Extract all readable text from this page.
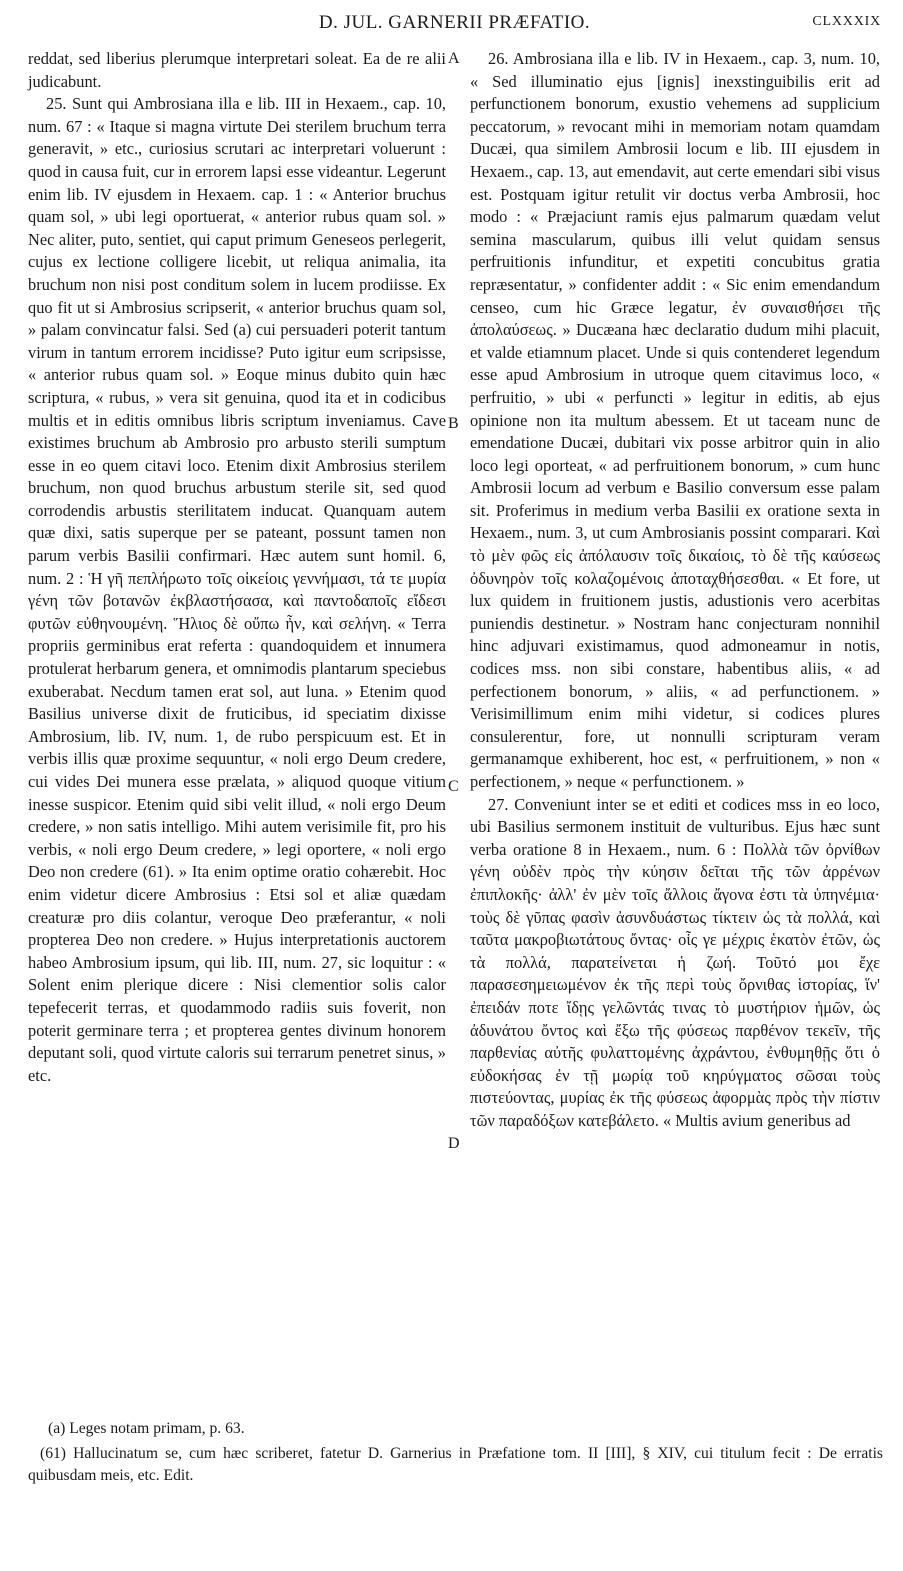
D. JUL. GARNERII PRÆFATIO.	CLXXXIX

reddat, sed liberius plerumque interpretari soleat. Ea de re alii judicabunt.

25. Sunt qui Ambrosiana illa e lib. III in Hexaem., cap. 10, num. 67 : « Itaque si magna virtute Dei sterilem bruchum terra generavit, » etc., curiosius scrutari ac interpretari voluerunt : quod in causa fuit, cur in errorem lapsi esse videantur. Legerunt enim lib. IV ejusdem in Hexaem. cap. 1 : « Anterior bruchus quam sol, » ubi legi oportuerat, « anterior rubus quam sol. » Nec aliter, puto, sentiet, qui caput primum Geneseos perlegerit, cujus ex lectione colligere licebit, ut reliqua animalia, ita bruchum non nisi post conditum solem in lucem prodiisse. Ex quo fit ut si Ambrosius scripserit, « anterior bruchus quam sol, » palam convincatur falsi. Sed (a) cui persuaderi poterit tantum virum in tantum errorem incidisse? Puto igitur eum scripsisse, « anterior rubus quam sol. » Eoque minus dubito quin hæc scriptura, « rubus, » vera sit genuina, quod ita et in codicibus multis et in editis omnibus libris scriptum inveniamus. Cave existimes bruchum ab Ambrosio pro arbusto sterili sumptum esse in eo quem citavi loco. Etenim dixit Ambrosius sterilem bruchum, non quod bruchus arbustum sterile sit, sed quod corrodendis arbustis sterilitatem inducat. Quanquam autem quæ dixi, satis superque per se pateant, possunt tamen non parum verbis Basilii confirmari. Hæc autem sunt homil. 6, num. 2 : Ἡ γῆ πεπλήρωτο τοῖς οἰκείοις γεννήμασι, τά τε μυρία γένη τῶν βοτανῶν ἐκβλαστήσασα, καὶ παντοδαποῖς εἴδεσι φυτῶν εὐθηνουμένη. Ἥλιος δὲ οὔπω ἦν, καὶ σελήνη. « Terra propriis germinibus erat referta : quandoquidem et innumera protulerat herbarum genera, et omnimodis plantarum speciebus exuberabat. Necdum tamen erat sol, aut luna. » Etenim quod Basilius universe dixit de fruticibus, id speciatim dixisse Ambrosium, lib. IV, num. 1, de rubo perspicuum est. Et in verbis illis quæ proxime sequuntur, « noli ergo Deum credere, cui vides Dei munera esse prælata, » aliquod quoque vitium inesse suspicor. Etenim quid sibi velit illud, « noli ergo Deum credere, » non satis intelligo. Mihi autem verisimile fit, pro his verbis, « noli ergo Deum credere, » legi oportere, « noli ergo Deo non credere (61). » Ita enim optime oratio cohærebit. Hoc enim videtur dicere Ambrosius : Etsi sol et aliæ quædam creaturæ pro diis colantur, veroque Deo præferantur, « noli propterea Deo non credere. » Hujus interpretationis auctorem habeo Ambrosium ipsum, qui lib. III, num. 27, sic loquitur : « Solent enim plerique dicere : Nisi clementior solis calor tepefecerit terras, et quodammodo radiis suis foverit, non poterit germinare terra ; et propterea gentes divinum honorem deputant soli, quod virtute caloris sui terrarum penetret sinus, » etc.

A
B
C
D

26. Ambrosiana illa e lib. IV in Hexaem., cap. 3, num. 10, « Sed illuminatio ejus [ignis] inexstinguibilis erit ad perfunctionem bonorum, exustio vehemens ad supplicium peccatorum, » revocant mihi in memoriam notam quamdam Ducæi, qua similem Ambrosii locum e lib. III ejusdem in Hexaem., cap. 13, aut emendavit, aut certe emendari sibi visus est. Postquam igitur retulit vir doctus verba Ambrosii, hoc modo : « Præjaciunt ramis ejus palmarum quædam velut semina mascularum, quibus illi velut quidam sensus perfruitionis infunditur, et expetiti concubitus gratia repræsentatur, » confidenter addit : « Sic enim emendandum censeo, cum hic Græce legatur, ἐν συναισθήσει τῆς ἀπολαύσεως. » Ducæana hæc declaratio dudum mihi placuit, et valde etiamnum placet. Unde si quis contenderet legendum esse apud Ambrosium in utroque quem citavimus loco, « perfruitio, » ubi « perfuncti » legitur in editis, ab ejus opinione non ita multum abessem. Et ut taceam nunc de emendatione Ducæi, dubitari vix posse arbitror quin in alio loco legi oporteat, « ad perfruitionem bonorum, » cum hunc Ambrosii locum ad verbum e Basilio conversum esse palam sit. Proferimus in medium verba Basilii ex oratione sexta in Hexaem., num. 3, ut cum Ambrosianis possint comparari. Καὶ τὸ μὲν φῶς εἰς ἀπόλαυσιν τοῖς δικαίοις, τὸ δὲ τῆς καύσεως ὀδυνηρὸν τοῖς κολαζομένοις ἀποταχθήσεσθαι. « Et fore, ut lux quidem in fruitionem justis, adustionis vero acerbitas puniendis destinetur. » Nostram hanc conjecturam nonnihil hinc adjuvari existimamus, quod admoneamur in notis, codices mss. non sibi constare, habentibus aliis, « ad perfectionem bonorum, » aliis, « ad perfunctionem. » Verisimillimum enim mihi videtur, si codices plures consulerentur, fore, ut nonnulli scripturam veram germanamque exhiberent, hoc est, « perfruitionem, » non « perfectionem, » neque « perfunctionem. »

27. Conveniunt inter se et editi et codices mss in eo loco, ubi Basilius sermonem instituit de vulturibus. Ejus hæc sunt verba oratione 8 in Hexaem., num. 6 : Πολλὰ τῶν ὀρνίθων γένη οὐδὲν πρὸς τὴν κύησιν δεῖται τῆς τῶν ἀρρένων ἐπιπλοκῆς· ἀλλ' ἐν μὲν τοῖς ἄλλοις ἄγονα ἐστι τὰ ὑπηνέμια· τοὺς δὲ γῦπας φασὶν ἀσυνδυάστως τίκτειν ὡς τὰ πολλά, καὶ ταῦτα μακροβιωτάτους ὄντας· οἷς γε μέχρις ἑκατὸν ἐτῶν, ὡς τὰ πολλά, παρατείνεται ἡ ζωή. Τοῦτό μοι ἔχε παρασεσημειωμένον ἐκ τῆς περὶ τοὺς ὄρνιθας ἱστορίας, ἵν' ἐπειδάν ποτε ἴδῃς γελῶντάς τινας τὸ μυστήριον ἡμῶν, ὡς ἀδυνάτου ὄντος καὶ ἔξω τῆς φύσεως παρθένον τεκεῖν, τῆς παρθενίας αὐτῆς φυλαττομένης ἀχράντου, ἐνθυμηθῇς ὅτι ὁ εὐδοκήσας ἐν τῇ μωρίᾳ τοῦ κηρύγματος σῶσαι τοὺς πιστεύοντας, μυρίας ἐκ τῆς φύσεως ἀφορμὰς πρὸς τὴν πίστιν τῶν παραδόξων κατεβάλετο. « Multis avium generibus ad

(a) Leges notam primam, p. 63.

(61) Hallucinatum se, cum hæc scriberet, fatetur D. Garnerius in Præfatione tom. II [III], § XIV, cui titulum fecit : De erratis quibusdam meis, etc. Edit.
